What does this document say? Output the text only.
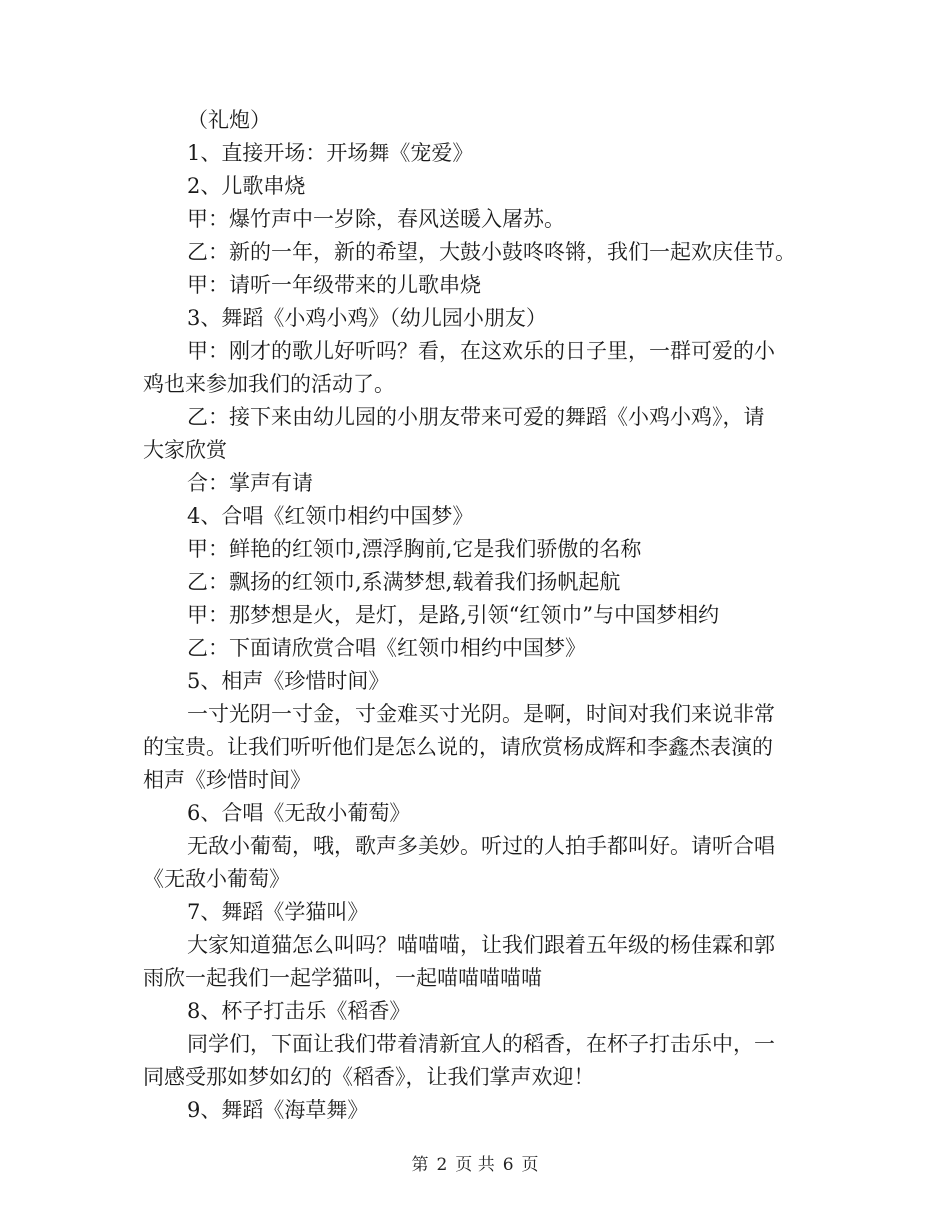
（礼炮）
1、直接开场：开场舞《宠爱》
2、儿歌串烧
甲：爆竹声中一岁除，春风送暖入屠苏。
乙：新的一年，新的希望，大鼓小鼓咚咚锵，我们一起欢庆佳节。
甲：请听一年级带来的儿歌串烧
3、舞蹈《小鸡小鸡》（幼儿园小朋友）
甲：刚才的歌儿好听吗？看，在这欢乐的日子里，一群可爱的小
鸡也来参加我们的活动了。
乙：接下来由幼儿园的小朋友带来可爱的舞蹈《小鸡小鸡》，请
大家欣赏
合：掌声有请
4、合唱《红领巾相约中国梦》
甲：鲜艳的红领巾,漂浮胸前,它是我们骄傲的名称
乙：飘扬的红领巾,系满梦想,载着我们扬帆起航
甲：那梦想是火，是灯，是路,引领“红领巾”与中国梦相约
乙：下面请欣赏合唱《红领巾相约中国梦》
5、相声《珍惜时间》
一寸光阴一寸金，寸金难买寸光阴。是啊，时间对我们来说非常
的宝贵。让我们听听他们是怎么说的，请欣赏杨成辉和李鑫杰表演的
相声《珍惜时间》
6、合唱《无敌小葡萄》
无敌小葡萄，哦，歌声多美妙。听过的人拍手都叫好。请听合唱
《无敌小葡萄》
7、舞蹈《学猫叫》
大家知道猫怎么叫吗？喵喵喵，让我们跟着五年级的杨佳霖和郭
雨欣一起我们一起学猫叫，一起喵喵喵喵喵
8、杯子打击乐《稻香》
同学们，下面让我们带着清新宜人的稻香，在杯子打击乐中，一
同感受那如梦如幻的《稻香》，让我们掌声欢迎！
9、舞蹈《海草舞》
第 2 页 共 6 页
